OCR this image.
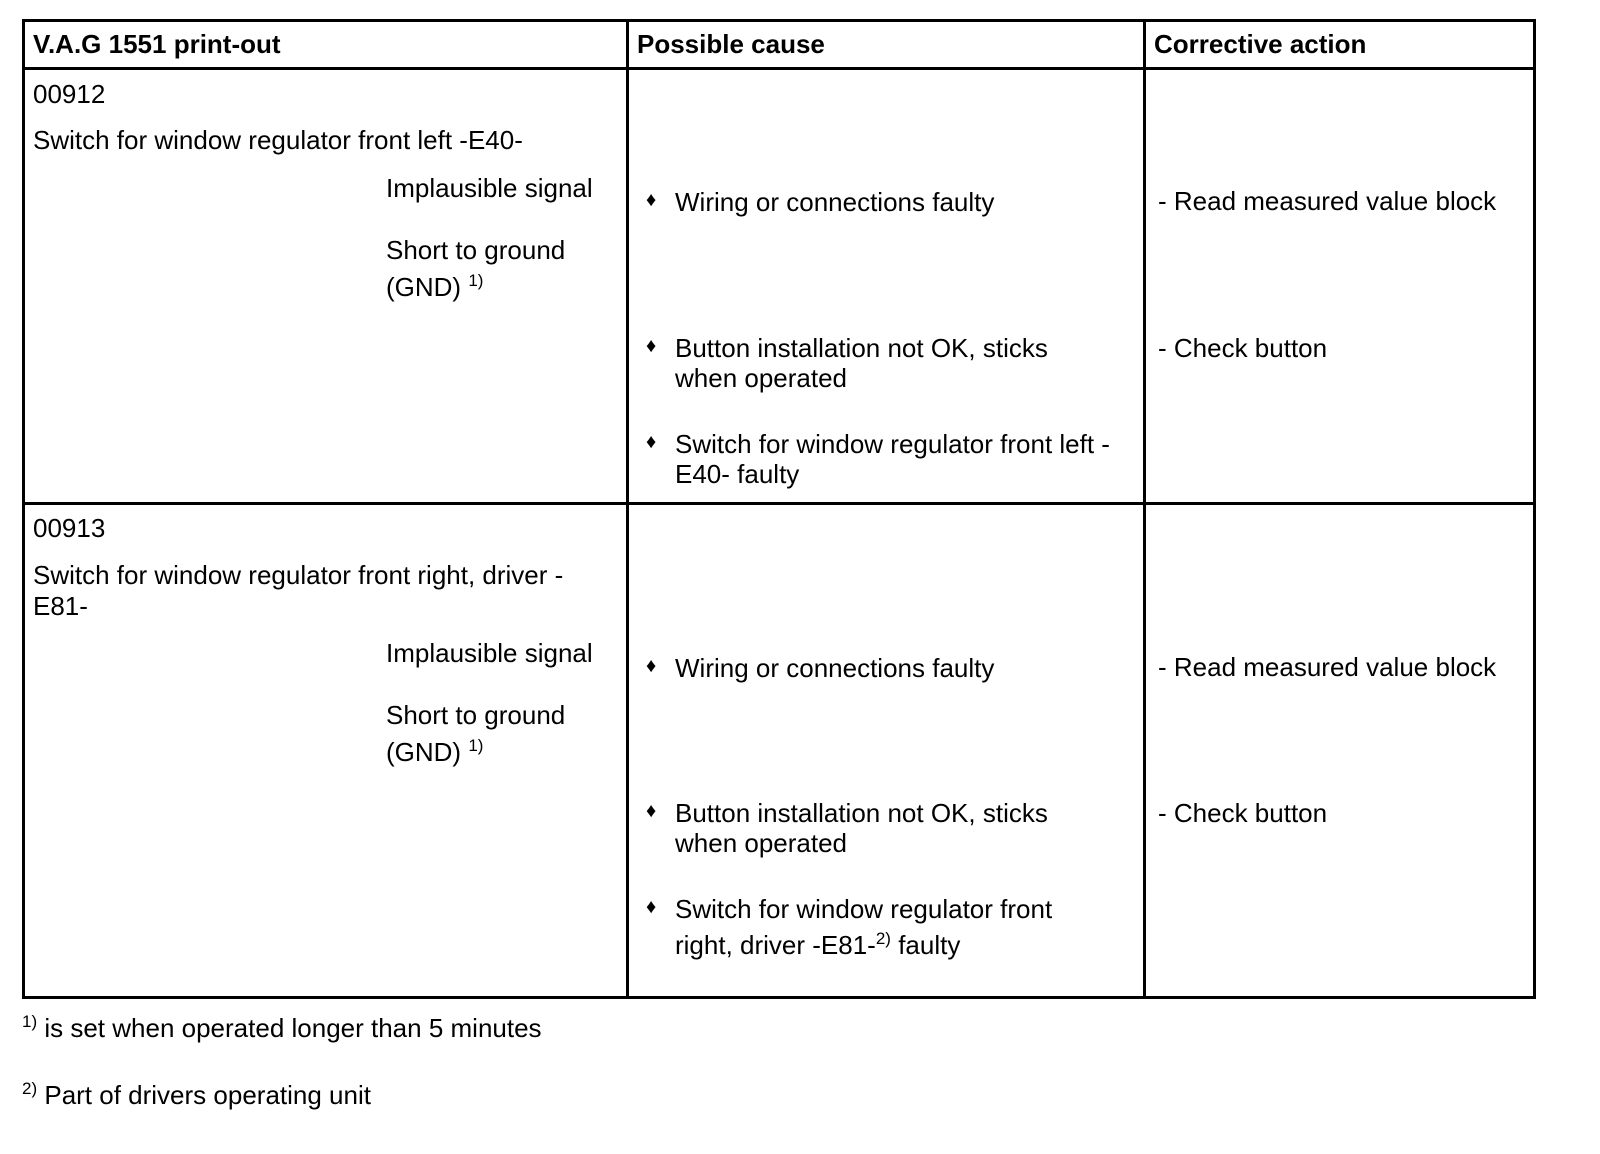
V.A.G 1551 print-out	Possible cause	Corrective action
00912
Switch for window regulator front left -E40-
Implausible signal
Short to ground
(GND) $^{1)}$
♦ Wiring or connections faulty
♦ Button installation not OK, sticks
when operated
♦ Switch for window regulator front left -
E40- faulty
- Read measured value block
- Check button
00913
Switch for window regulator front right, driver -
E81-
Implausible signal
Short to ground
(GND) $^{1)}$
♦ Wiring or connections faulty
♦ Button installation not OK, sticks
when operated
♦ Switch for window regulator front
right, driver -E81-$^{2)}$ faulty
- Read measured value block
- Check button
$^{1)}$ is set when operated longer than 5 minutes
$^{2)}$ Part of drivers operating unit
